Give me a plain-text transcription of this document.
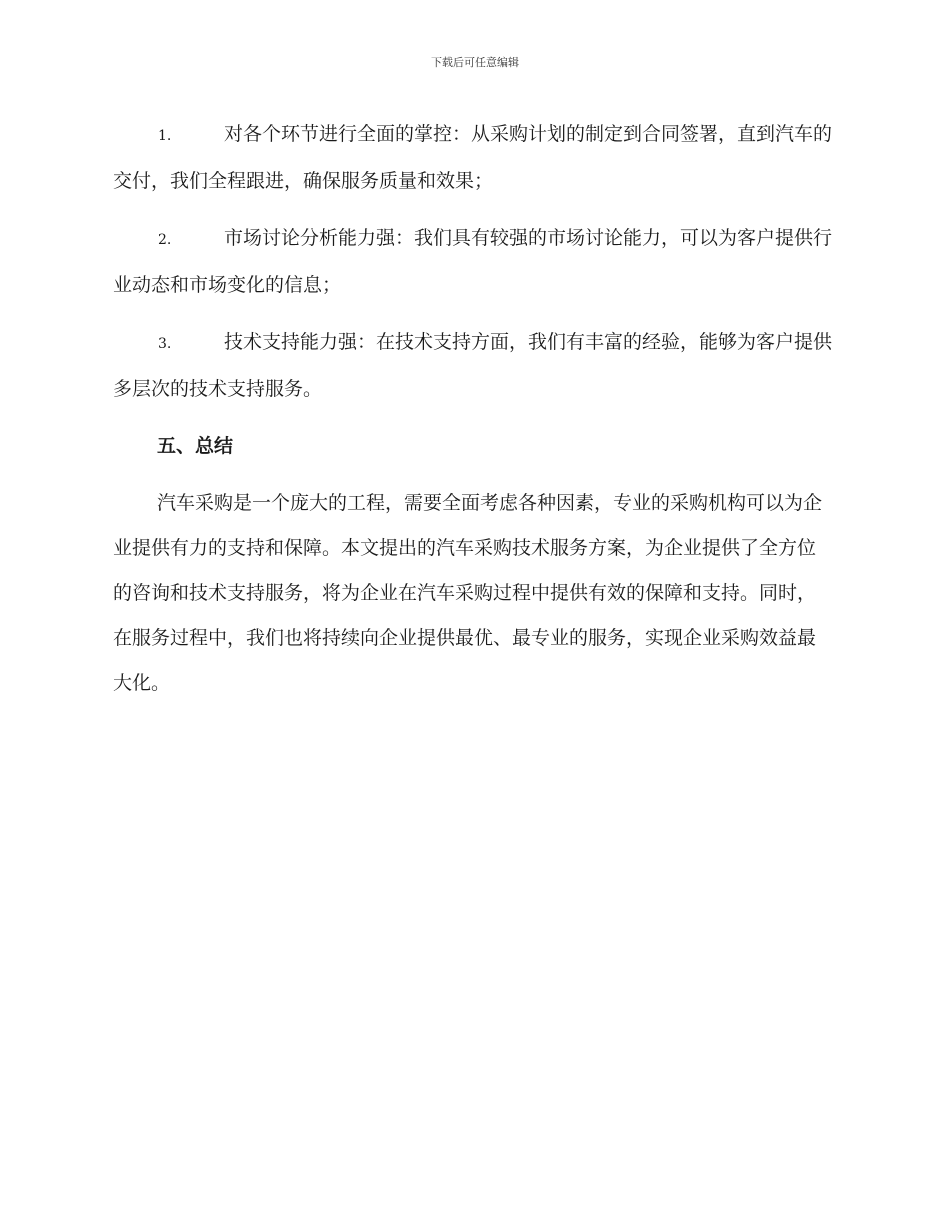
下载后可任意编辑

1.	对各个环节进行全面的掌控：从采购计划的制定到合同签署，直到汽车的交付，我们全程跟进，确保服务质量和效果；

2.	市场讨论分析能力强：我们具有较强的市场讨论能力，可以为客户提供行业动态和市场变化的信息；

3.	技术支持能力强：在技术支持方面，我们有丰富的经验，能够为客户提供多层次的技术支持服务。

五、总结

汽车采购是一个庞大的工程，需要全面考虑各种因素，专业的采购机构可以为企业提供有力的支持和保障。本文提出的汽车采购技术服务方案，为企业提供了全方位的咨询和技术支持服务，将为企业在汽车采购过程中提供有效的保障和支持。同时，在服务过程中，我们也将持续向企业提供最优、最专业的服务，实现企业采购效益最大化。
